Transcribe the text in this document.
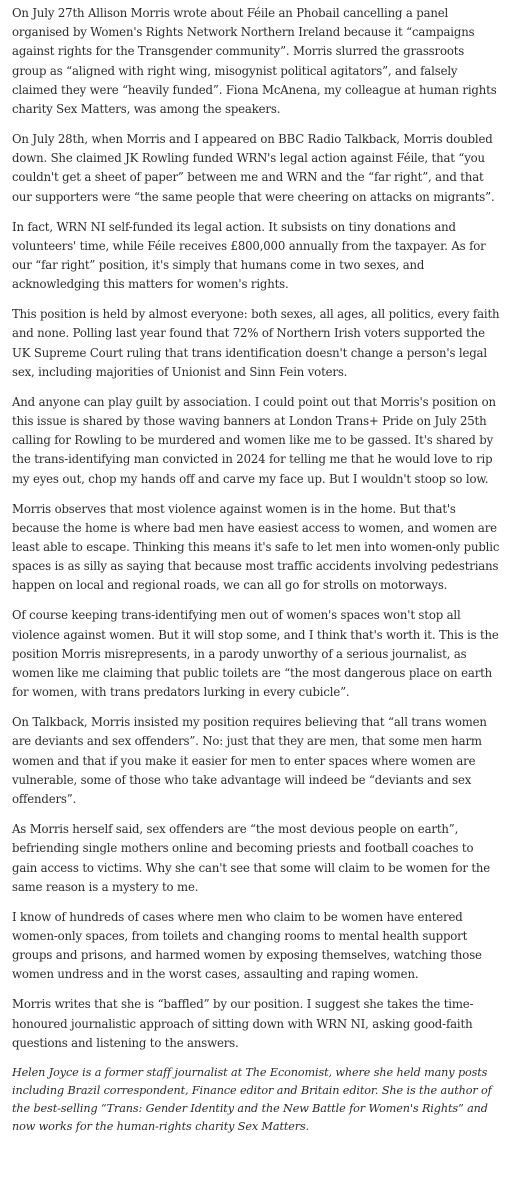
On July 27th Allison Morris wrote about Féile an Phobail cancelling a panel organised by Women's Rights Network Northern Ireland because it “campaigns against rights for the Transgender community”. Morris slurred the grassroots group as “aligned with right wing, misogynist political agitators”, and falsely claimed they were “heavily funded”. Fiona McAnena, my colleague at human rights charity Sex Matters, was among the speakers.

On July 28th, when Morris and I appeared on BBC Radio Talkback, Morris doubled down. She claimed JK Rowling funded WRN's legal action against Féile, that “you couldn't get a sheet of paper” between me and WRN and the “far right”, and that our supporters were “the same people that were cheering on attacks on migrants”.

In fact, WRN NI self-funded its legal action. It subsists on tiny donations and volunteers' time, while Féile receives £800,000 annually from the taxpayer. As for our “far right” position, it's simply that humans come in two sexes, and acknowledging this matters for women's rights.

This position is held by almost everyone: both sexes, all ages, all politics, every faith and none. Polling last year found that 72% of Northern Irish voters supported the UK Supreme Court ruling that trans identification doesn't change a person's legal sex, including majorities of Unionist and Sinn Fein voters.

And anyone can play guilt by association. I could point out that Morris's position on this issue is shared by those waving banners at London Trans+ Pride on July 25th calling for Rowling to be murdered and women like me to be gassed. It's shared by the trans-identifying man convicted in 2024 for telling me that he would love to rip my eyes out, chop my hands off and carve my face up. But I wouldn't stoop so low.

Morris observes that most violence against women is in the home. But that's because the home is where bad men have easiest access to women, and women are least able to escape. Thinking this means it's safe to let men into women-only public spaces is as silly as saying that because most traffic accidents involving pedestrians happen on local and regional roads, we can all go for strolls on motorways.

Of course keeping trans-identifying men out of women's spaces won't stop all violence against women. But it will stop some, and I think that's worth it. This is the position Morris misrepresents, in a parody unworthy of a serious journalist, as women like me claiming that public toilets are “the most dangerous place on earth for women, with trans predators lurking in every cubicle”.

On Talkback, Morris insisted my position requires believing that “all trans women are deviants and sex offenders”. No: just that they are men, that some men harm women and that if you make it easier for men to enter spaces where women are vulnerable, some of those who take advantage will indeed be “deviants and sex offenders”.

As Morris herself said, sex offenders are “the most devious people on earth”, befriending single mothers online and becoming priests and football coaches to gain access to victims. Why she can't see that some will claim to be women for the same reason is a mystery to me.

I know of hundreds of cases where men who claim to be women have entered women-only spaces, from toilets and changing rooms to mental health support groups and prisons, and harmed women by exposing themselves, watching those women undress and in the worst cases, assaulting and raping women.

Morris writes that she is “baffled” by our position. I suggest she takes the time-honoured journalistic approach of sitting down with WRN NI, asking good-faith questions and listening to the answers.

Helen Joyce is a former staff journalist at The Economist, where she held many posts including Brazil correspondent, Finance editor and Britain editor. She is the author of the best-selling “Trans: Gender Identity and the New Battle for Women's Rights” and now works for the human-rights charity Sex Matters.
